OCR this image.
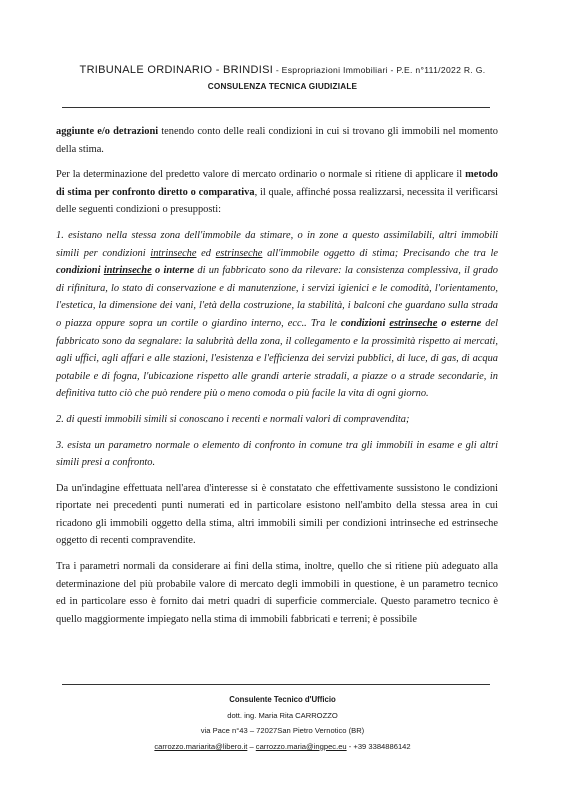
TRIBUNALE ORDINARIO - BRINDISI - Espropriazioni Immobiliari - P.E. n°111/2022 R. G.
CONSULENZA TECNICA GIUDIZIALE

aggiunte e/o detrazioni tenendo conto delle reali condizioni in cui si trovano gli immobili nel momento della stima.

Per la determinazione del predetto valore di mercato ordinario o normale si ritiene di applicare il metodo di stima per confronto diretto o comparativa, il quale, affinché possa realizzarsi, necessita il verificarsi delle seguenti condizioni o presupposti:

1. esistano nella stessa zona dell'immobile da stimare, o in zone a questo assimilabili, altri immobili simili per condizioni intrinseche ed estrinseche all'immobile oggetto di stima; Precisando che tra le condizioni intrinseche o interne di un fabbricato sono da rilevare: la consistenza complessiva, il grado di rifinitura, lo stato di conservazione e di manutenzione, i servizi igienici e le comodità, l'orientamento, l'estetica, la dimensione dei vani, l'età della costruzione, la stabilità, i balconi che guardano sulla strada o piazza oppure sopra un cortile o giardino interno, ecc.. Tra le condizioni estrinseche o esterne del fabbricato sono da segnalare: la salubrità della zona, il collegamento e la prossimità rispetto ai mercati, agli uffici, agli affari e alle stazioni, l'esistenza e l'efficienza dei servizi pubblici, di luce, di gas, di acqua potabile e di fogna, l'ubicazione rispetto alle grandi arterie stradali, a piazze o a strade secondarie, in definitiva tutto ciò che può rendere più o meno comoda o più facile la vita di ogni giorno.

2. di questi immobili simili si conoscano i recenti e normali valori di compravendita;

3. esista un parametro normale o elemento di confronto in comune tra gli immobili in esame e gli altri simili presi a confronto.

Da un'indagine effettuata nell'area d'interesse si è constatato che effettivamente sussistono le condizioni riportate nei precedenti punti numerati ed in particolare esistono nell'ambito della stessa area in cui ricadono gli immobili oggetto della stima, altri immobili simili per condizioni intrinseche ed estrinseche oggetto di recenti compravendite.

Tra i parametri normali da considerare ai fini della stima, inoltre, quello che si ritiene più adeguato alla determinazione del più probabile valore di mercato degli immobili in questione, è un parametro tecnico ed in particolare esso è fornito dai metri quadri di superficie commerciale. Questo parametro tecnico è quello maggiormente impiegato nella stima di immobili fabbricati e terreni; è possibile

Consulente Tecnico d'Ufficio
dott. ing. Maria Rita CARROZZO
via Pace n°43 – 72027San Pietro Vernotico (BR)
carrozzo.mariarita@libero.it – carrozzo.maria@ingpec.eu - +39 3384886142
